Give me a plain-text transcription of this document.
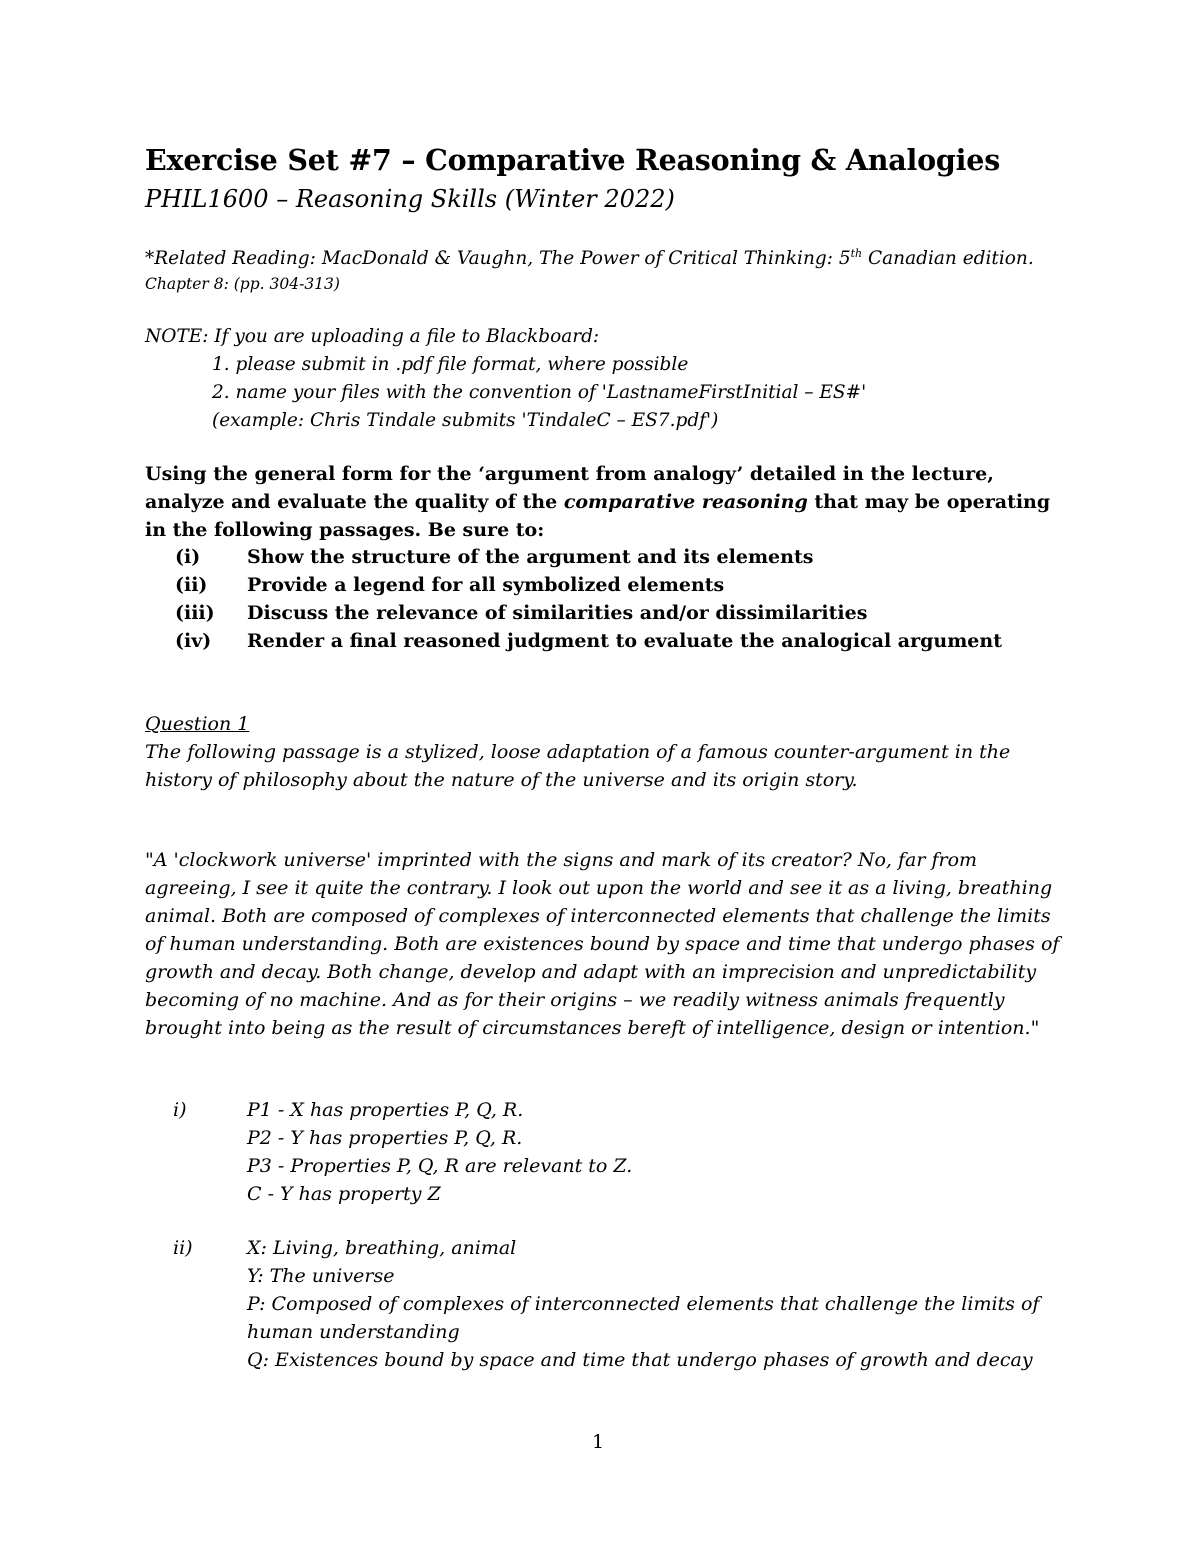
Exercise Set #7 – Comparative Reasoning & Analogies
PHIL1600 – Reasoning Skills (Winter 2022)
*Related Reading: MacDonald & Vaughn, The Power of Critical Thinking: 5th Canadian edition.
Chapter 8: (pp. 304-313)
NOTE: If you are uploading a file to Blackboard:
1. please submit in .pdf file format, where possible
2. name your files with the convention of 'LastnameFirstInitial – ES#'
(example: Chris Tindale submits 'TindaleC – ES7.pdf')
Using the general form for the ‘argument from analogy’ detailed in the lecture,
analyze and evaluate the quality of the comparative reasoning that may be operating
in the following passages. Be sure to:
(i) Show the structure of the argument and its elements
(ii) Provide a legend for all symbolized elements
(iii) Discuss the relevance of similarities and/or dissimilarities
(iv) Render a final reasoned judgment to evaluate the analogical argument
Question 1
The following passage is a stylized, loose adaptation of a famous counter-argument in the
history of philosophy about the nature of the universe and its origin story.
"A 'clockwork universe' imprinted with the signs and mark of its creator? No, far from
agreeing, I see it quite the contrary. I look out upon the world and see it as a living, breathing
animal. Both are composed of complexes of interconnected elements that challenge the limits
of human understanding. Both are existences bound by space and time that undergo phases of
growth and decay. Both change, develop and adapt with an imprecision and unpredictability
becoming of no machine. And as for their origins – we readily witness animals frequently
brought into being as the result of circumstances bereft of intelligence, design or intention."
i)	P1 - X has properties P, Q, R.
P2 - Y has properties P, Q, R.
P3 - Properties P, Q, R are relevant to Z.
C - Y has property Z
ii)	X: Living, breathing, animal
Y: The universe
P: Composed of complexes of interconnected elements that challenge the limits of
human understanding
Q: Existences bound by space and time that undergo phases of growth and decay
1
